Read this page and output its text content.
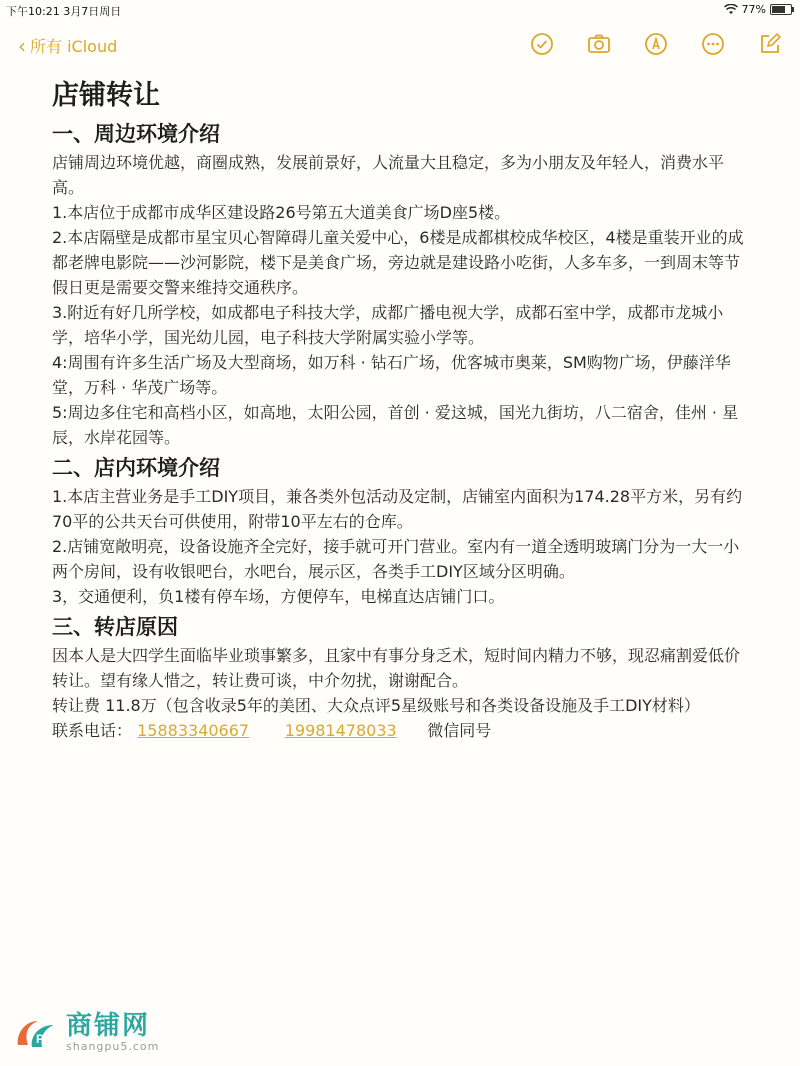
下午10:21 3月7日周日	77%
‹ 所有 iCloud
店铺转让
一、周边环境介绍

店铺周边环境优越，商圈成熟，发展前景好，人流量大且稳定，多为小朋友及年轻人，消费水平高。

1.本店位于成都市成华区建设路26号第五大道美食广场D座5楼。

2.本店隔壁是成都市星宝贝心智障碍儿童关爱中心，6楼是成都棋校成华校区，4楼是重装开业的成都老牌电影院——沙河影院，楼下是美食广场，旁边就是建设路小吃街，人多车多，一到周末等节假日更是需要交警来维持交通秩序。

3.附近有好几所学校，如成都电子科技大学，成都广播电视大学，成都石室中学，成都市龙城小学，培华小学，国光幼儿园，电子科技大学附属实验小学等。

4:周围有许多生活广场及大型商场，如万科 · 钻石广场，优客城市奥莱，SM购物广场，伊藤洋华堂，万科 · 华茂广场等。

5:周边多住宅和高档小区，如高地，太阳公园，首创 · 爱这城，国光九街坊，八二宿舍，佳州 · 星辰，水岸花园等。

二、店内环境介绍

1.本店主营业务是手工DIY项目，兼各类外包活动及定制，店铺室内面积为174.28平方米，另有约70平的公共天台可供使用，附带10平左右的仓库。

2.店铺宽敞明亮，设备设施齐全完好，接手就可开门营业。室内有一道全透明玻璃门分为一大一小两个房间，设有收银吧台，水吧台，展示区，各类手工DIY区域分区明确。

3，交通便利，负1楼有停车场，方便停车，电梯直达店铺门口。

三、转店原因

因本人是大四学生面临毕业琐事繁多，且家中有事分身乏术，短时间内精力不够，现忍痛割爱低价转让。望有缘人惜之，转让费可谈，中介勿扰，谢谢配合。

转让费 11.8万（包含收录5年的美团、大众点评5星级账号和各类设备设施及手工DIY材料）

联系电话： 15883340667 19981478033 微信同号

P 商铺网
shangpu5.com
